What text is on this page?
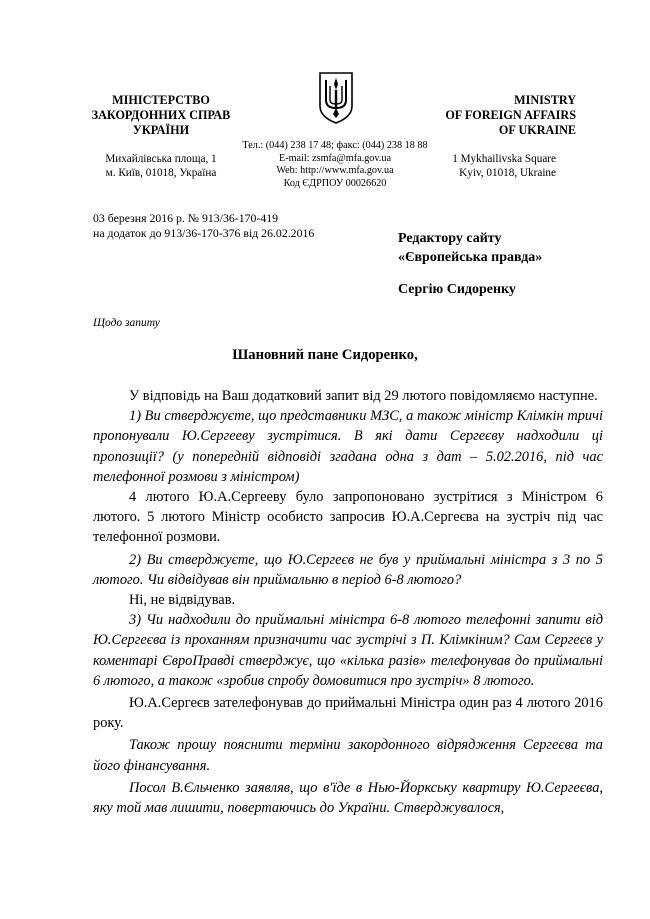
МІНІСТЕРСТВО
ЗАКОРДОННИХ СПРАВ
УКРАЇНИ
Михайлівська площа, 1
м. Київ, 01018, Україна
Тел.: (044) 238 17 48; факс: (044) 238 18 88
E-mail: zsmfa@mfa.gov.ua
Web: http://www.mfa.gov.ua
Код ЄДРПОУ 00026620
MINISTRY
OF FOREIGN AFFAIRS
OF UKRAINE
1 Mykhailivska Square
Kyiv, 01018, Ukraine
03 березня 2016 р. № 913/36-170-419
на додаток до 913/36-170-376 від 26.02.2016	Редактору сайту
«Європейська правда»
Сергію Сидоренку
Щодо запиту
Шановний пане Сидоренко,

У відповідь на Ваш додатковий запит від 29 лютого повідомляємо наступне.

1) Ви стверджуєте, що представники МЗС, а також міністр Клімкін тричі пропонували Ю.Сергееву зустрітися. В які дати Сергеєву надходили ці пропозиції? (у попередній відповіді згадана одна з дат – 5.02.2016, під час телефонної розмови з міністром)

4 лютого Ю.А.Сергееву було запропоновано зустрітися з Міністром 6 лютого. 5 лютого Міністр особисто запросив Ю.А.Сергеєва на зустріч під час телефонної розмови.

2) Ви стверджуєте, що Ю.Сергеєв не був у приймальні міністра з 3 по 5 лютого. Чи відвідував він приймальню в період 6-8 лютого?

Ні, не відвідував.

3) Чи надходили до приймальні міністра 6-8 лютого телефонні запити від Ю.Сергеєва із проханням призначити час зустрічі з П. Клімкіним? Сам Сергеєв у коментарі ЄвроПравді стверджує, що «кілька разів» телефонував до приймальні 6 лютого, а також «зробив спробу домовитися про зустріч» 8 лютого.

Ю.А.Сергеєв зателефонував до приймальні Міністра один раз 4 лютого 2016 року.

Також прошу пояснити терміни закордонного відрядження Сергеєва та його фінансування.

Посол В.Єльченко заявляв, що в'їде в Нью-Йоркську квартиру Ю.Сергеєва, яку той мав лишити, повертаючись до України. Стверджувалося,
